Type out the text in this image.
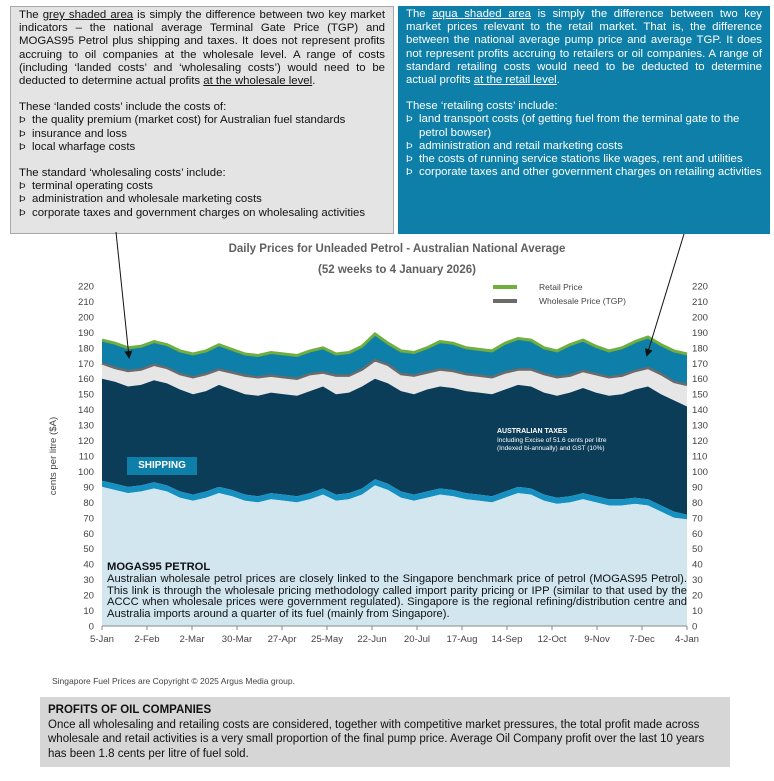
The grey shaded area is simply the difference between two key market indicators – the national average Terminal Gate Price (TGP) and MOGAS95 Petrol plus shipping and taxes. It does not represent profits accruing to oil companies at the wholesale level. A range of costs (including ‘landed costs’ and ‘wholesaling costs’) would need to be deducted to determine actual profits at the wholesale level.

These ‘landed costs’ include the costs of:

Þ the quality premium (market cost) for Australian fuel standards
Þ insurance and loss
Þ local wharfage costs

The standard ‘wholesaling costs’ include:

Þ terminal operating costs
Þ administration and wholesale marketing costs
Þ corporate taxes and government charges on wholesaling activities

The aqua shaded area is simply the difference between two key market prices relevant to the retail market. That is, the difference between the national average pump price and average TGP. It does not represent profits accruing to retailers or oil companies. A range of standard retailing costs would need to be deducted to determine actual profits at the retail level.

These ‘retailing costs’ include:

Þ land transport costs (of getting fuel from the terminal gate to the petrol bowser)
Þ administration and retail marketing costs
Þ the costs of running service stations like wages, rent and utilities
Þ corporate taxes and other government charges on retailing activities
Daily Prices for Unleaded Petrol - Australian National Average
(52 weeks to 4 January 2026)
0	0
10	10
20	20
30	30
40	40
50	50
60	60
70	70
80	80
90	90
100	100
110	110
120	120
130	130
140	140
150	150
160	160
170	170
180	180
190	190
200	200
210	210
220	220
cents per litre ($A)
5-Jan 2-Feb 2-Mar 30-Mar 27-Apr 25-May 22-Jun 20-Jul 17-Aug 14-Sep 12-Oct 9-Nov 7-Dec 4-Jan
Retail Price
Wholesale Price (TGP)
SHIPPING
AUSTRALIAN TAXES
Including Excise of 51.6 cents per litre
(Indexed bi-annually) and GST (10%)
MOGAS95 PETROL
Australian wholesale petrol prices are closely linked to the Singapore benchmark price of petrol (MOGAS95 Petrol). This link is through the wholesale pricing methodology called import parity pricing or IPP (similar to that used by the ACCC when wholesale prices were government regulated). Singapore is the regional refining/distribution centre and Australia imports around a quarter of its fuel (mainly from Singapore).
Singapore Fuel Prices are Copyright © 2025 Argus Media group.
PROFITS OF OIL COMPANIES
Once all wholesaling and retailing costs are considered, together with competitive market pressures, the total profit made across wholesale and retail activities is a very small proportion of the final pump price. Average Oil Company profit over the last 10 years has been 1.8 cents per litre of fuel sold.
